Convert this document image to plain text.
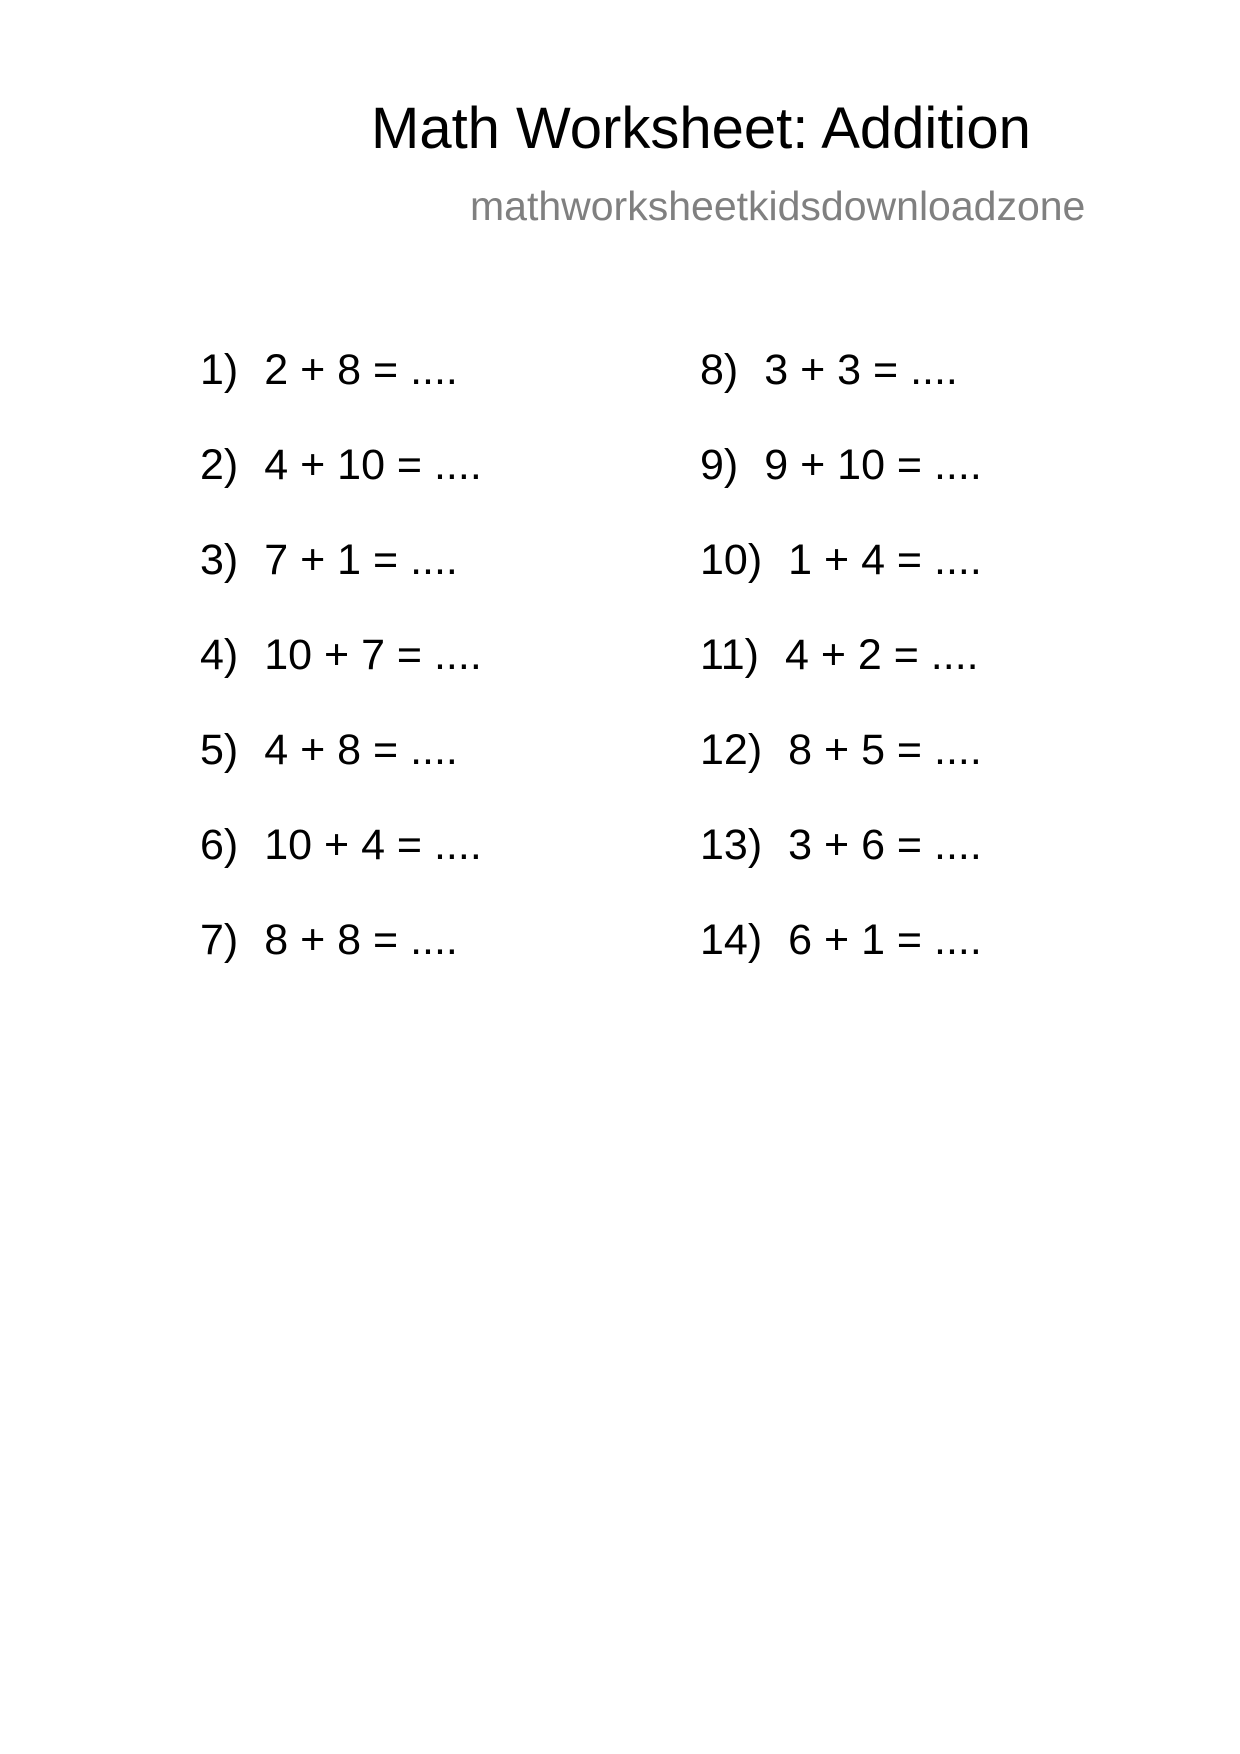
Math Worksheet: Addition
mathworksheetkidsdownloadzone
1) 2 + 8 = ....
2) 4 + 10 = ....
3) 7 + 1 = ....
4) 10 + 7 = ....
5) 4 + 8 = ....
6) 10 + 4 = ....
7) 8 + 8 = ....
8) 3 + 3 = ....
9) 9 + 10 = ....
10) 1 + 4 = ....
11) 4 + 2 = ....
12) 8 + 5 = ....
13) 3 + 6 = ....
14) 6 + 1 = ....
